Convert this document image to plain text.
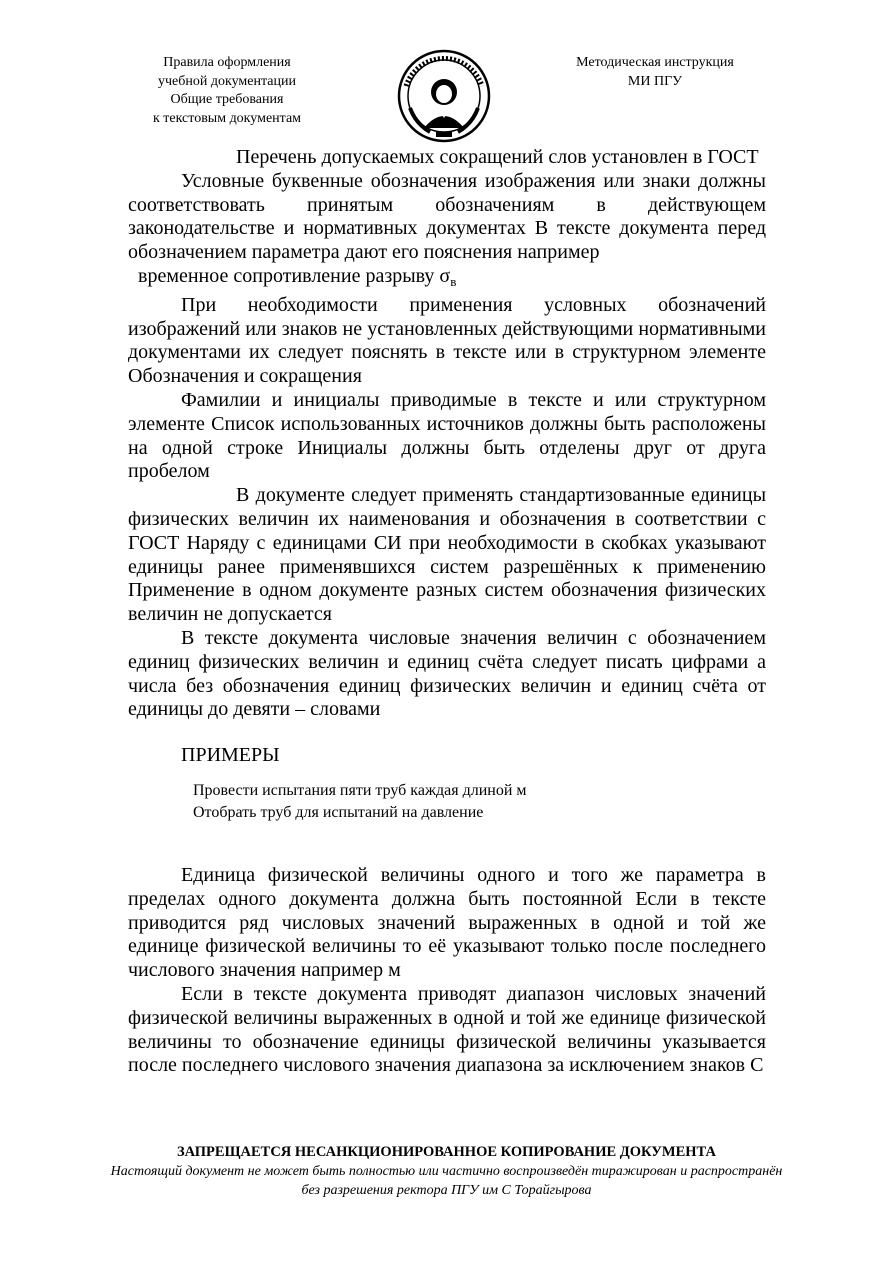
Правила оформления
учебной документации
Общие требования
к текстовым документам
Методическая инструкция
МИ ПГУ

Перечень допускаемых сокращений слов установлен в ГОСТ

Условные буквенные обозначения изображения или знаки должны соответствовать принятым обозначениям в действующем законодательстве и нормативных документах В тексте документа перед обозначением параметра дают его пояснения например
временное сопротивление разрыву $\sigma_в$

При необходимости применения условных обозначений изображений или знаков не установленных действующими нормативными документами их следует пояснять в тексте или в структурном элементе Обозначения и сокращения

Фамилии и инициалы приводимые в тексте и или структурном элементе Список использованных источников должны быть расположены на одной строке Инициалы должны быть отделены друг от друга пробелом

В документе следует применять стандартизованные единицы физических величин их наименования и обозначения в соответствии с ГОСТ Наряду с единицами СИ при необходимости в скобках указывают единицы ранее применявшихся систем разрешённых к применению Применение в одном документе разных систем обозначения физических величин не допускается

В тексте документа числовые значения величин с обозначением единиц физических величин и единиц счёта следует писать цифрами а числа без обозначения единиц физических величин и единиц счёта от единицы до девяти – словами

ПРИМЕРЫ

Провести испытания пяти труб каждая длиной м
Отобрать труб для испытаний на давление

Единица физической величины одного и того же параметра в пределах одного документа должна быть постоянной Если в тексте приводится ряд числовых значений выраженных в одной и той же единице физической величины то её указывают только после последнего числового значения например м

Если в тексте документа приводят диапазон числовых значений физической величины выраженных в одной и той же единице физической величины то обозначение единицы физической величины указывается после последнего числового значения диапазона за исключением знаков С

ЗАПРЕЩАЕТСЯ НЕСАНКЦИОНИРОВАННОЕ КОПИРОВАНИЕ ДОКУМЕНТА
Настоящий документ не может быть полностью или частично воспроизведён тиражирован и распространён без разрешения ректора ПГУ им С Торайгырова
